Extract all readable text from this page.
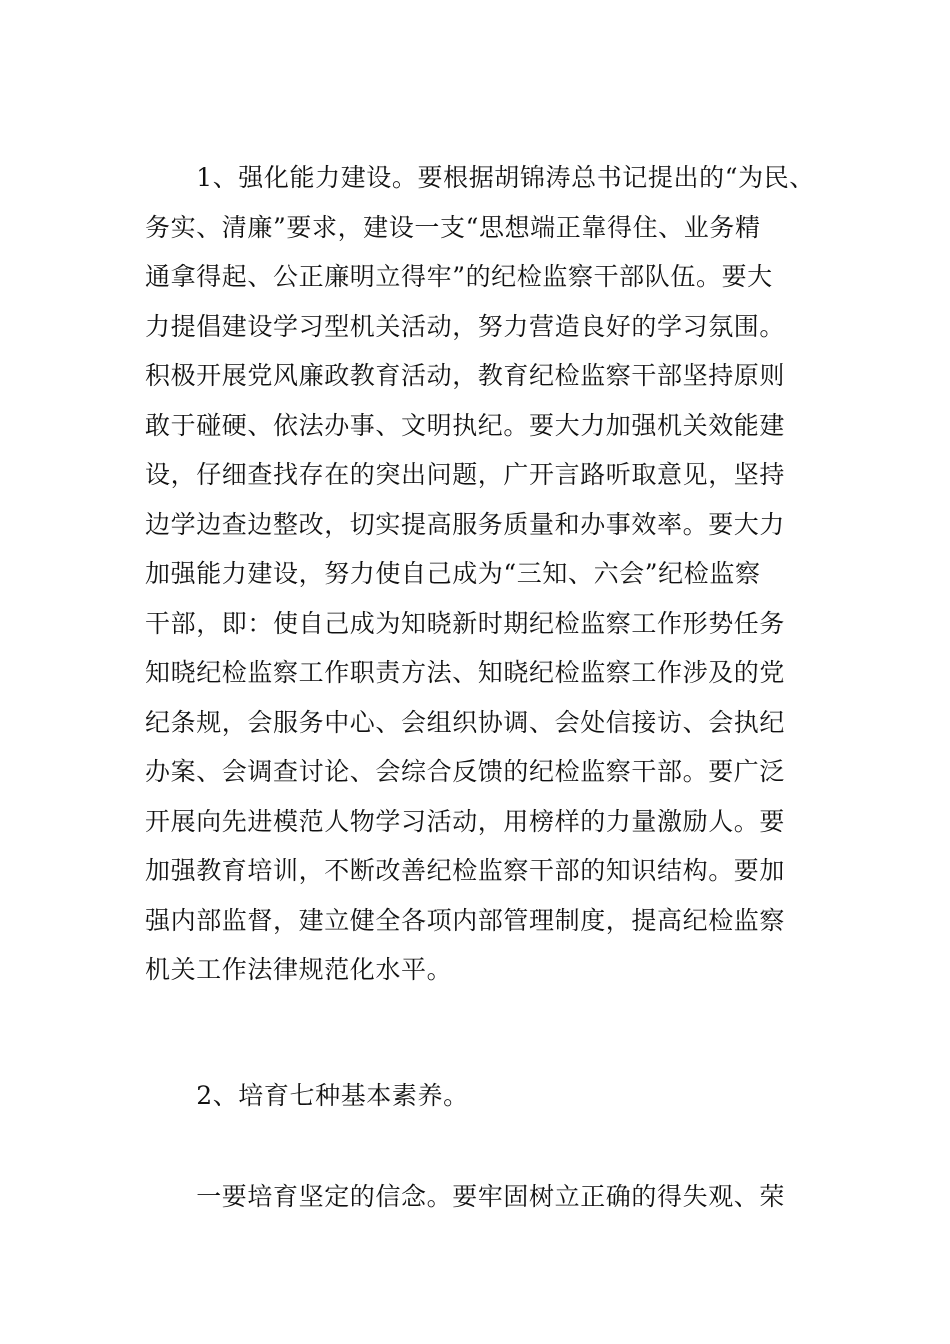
　　1、强化能力建设。要根据胡锦涛总书记提出的“为民、
务实、清廉”要求，建设一支“思想端正靠得住、业务精
通拿得起、公正廉明立得牢”的纪检监察干部队伍。要大
力提倡建设学习型机关活动，努力营造良好的学习氛围。
积极开展党风廉政教育活动，教育纪检监察干部坚持原则
敢于碰硬、依法办事、文明执纪。要大力加强机关效能建
设，仔细查找存在的突出问题，广开言路听取意见，坚持
边学边查边整改，切实提高服务质量和办事效率。要大力
加强能力建设，努力使自己成为“三知、六会”纪检监察
干部，即：使自己成为知晓新时期纪检监察工作形势任务
知晓纪检监察工作职责方法、知晓纪检监察工作涉及的党
纪条规，会服务中心、会组织协调、会处信接访、会执纪
办案、会调查讨论、会综合反馈的纪检监察干部。要广泛
开展向先进模范人物学习活动，用榜样的力量激励人。要
加强教育培训，不断改善纪检监察干部的知识结构。要加
强内部监督，建立健全各项内部管理制度，提高纪检监察
机关工作法律规范化水平。
　　2、培育七种基本素养。
　　一要培育坚定的信念。要牢固树立正确的得失观、荣
